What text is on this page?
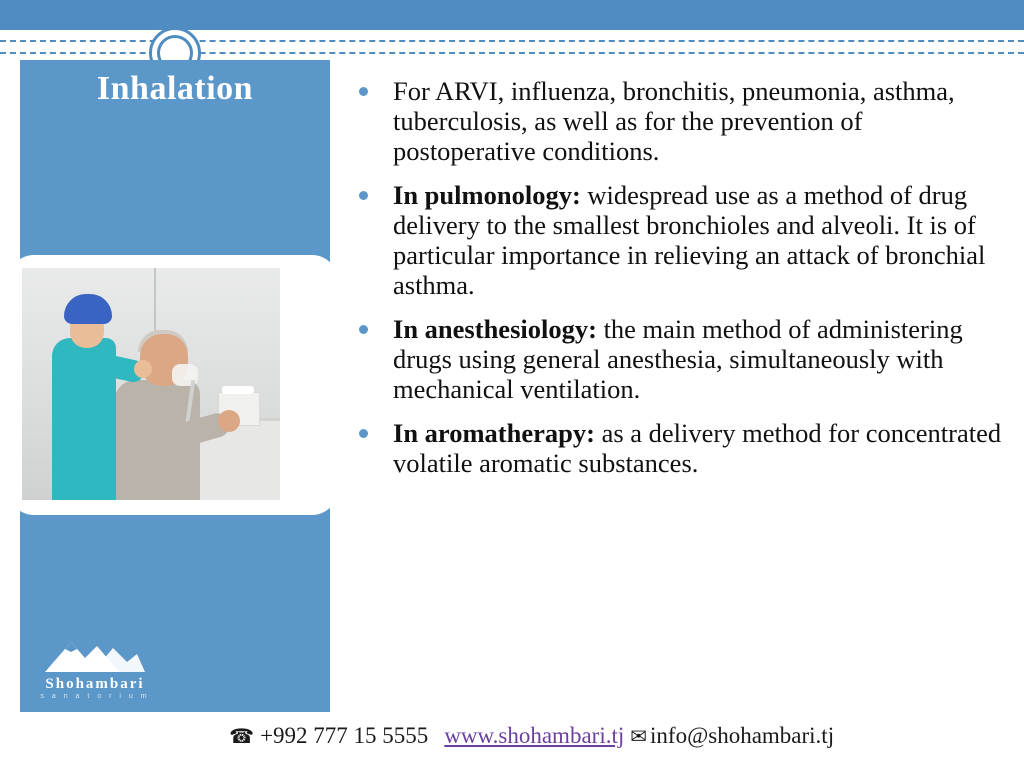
Inhalation
Shohambari
s a n a t o r i u m
For ARVI, influenza, bronchitis, pneumonia, asthma, tuberculosis, as well as for the prevention of postoperative conditions.
In pulmonology: widespread use as a method of drug delivery to the smallest bronchioles and alveoli. It is of particular importance in relieving an attack of bronchial asthma.
In anesthesiology: the main method of administering drugs using general anesthesia, simultaneously with mechanical ventilation.
In aromatherapy: as a delivery method for concentrated volatile aromatic substances.
☎ +992 881 25 5555 ☎ +992 777 15 5555 www.shohambari.tj ✉ info@shohambari.tj
